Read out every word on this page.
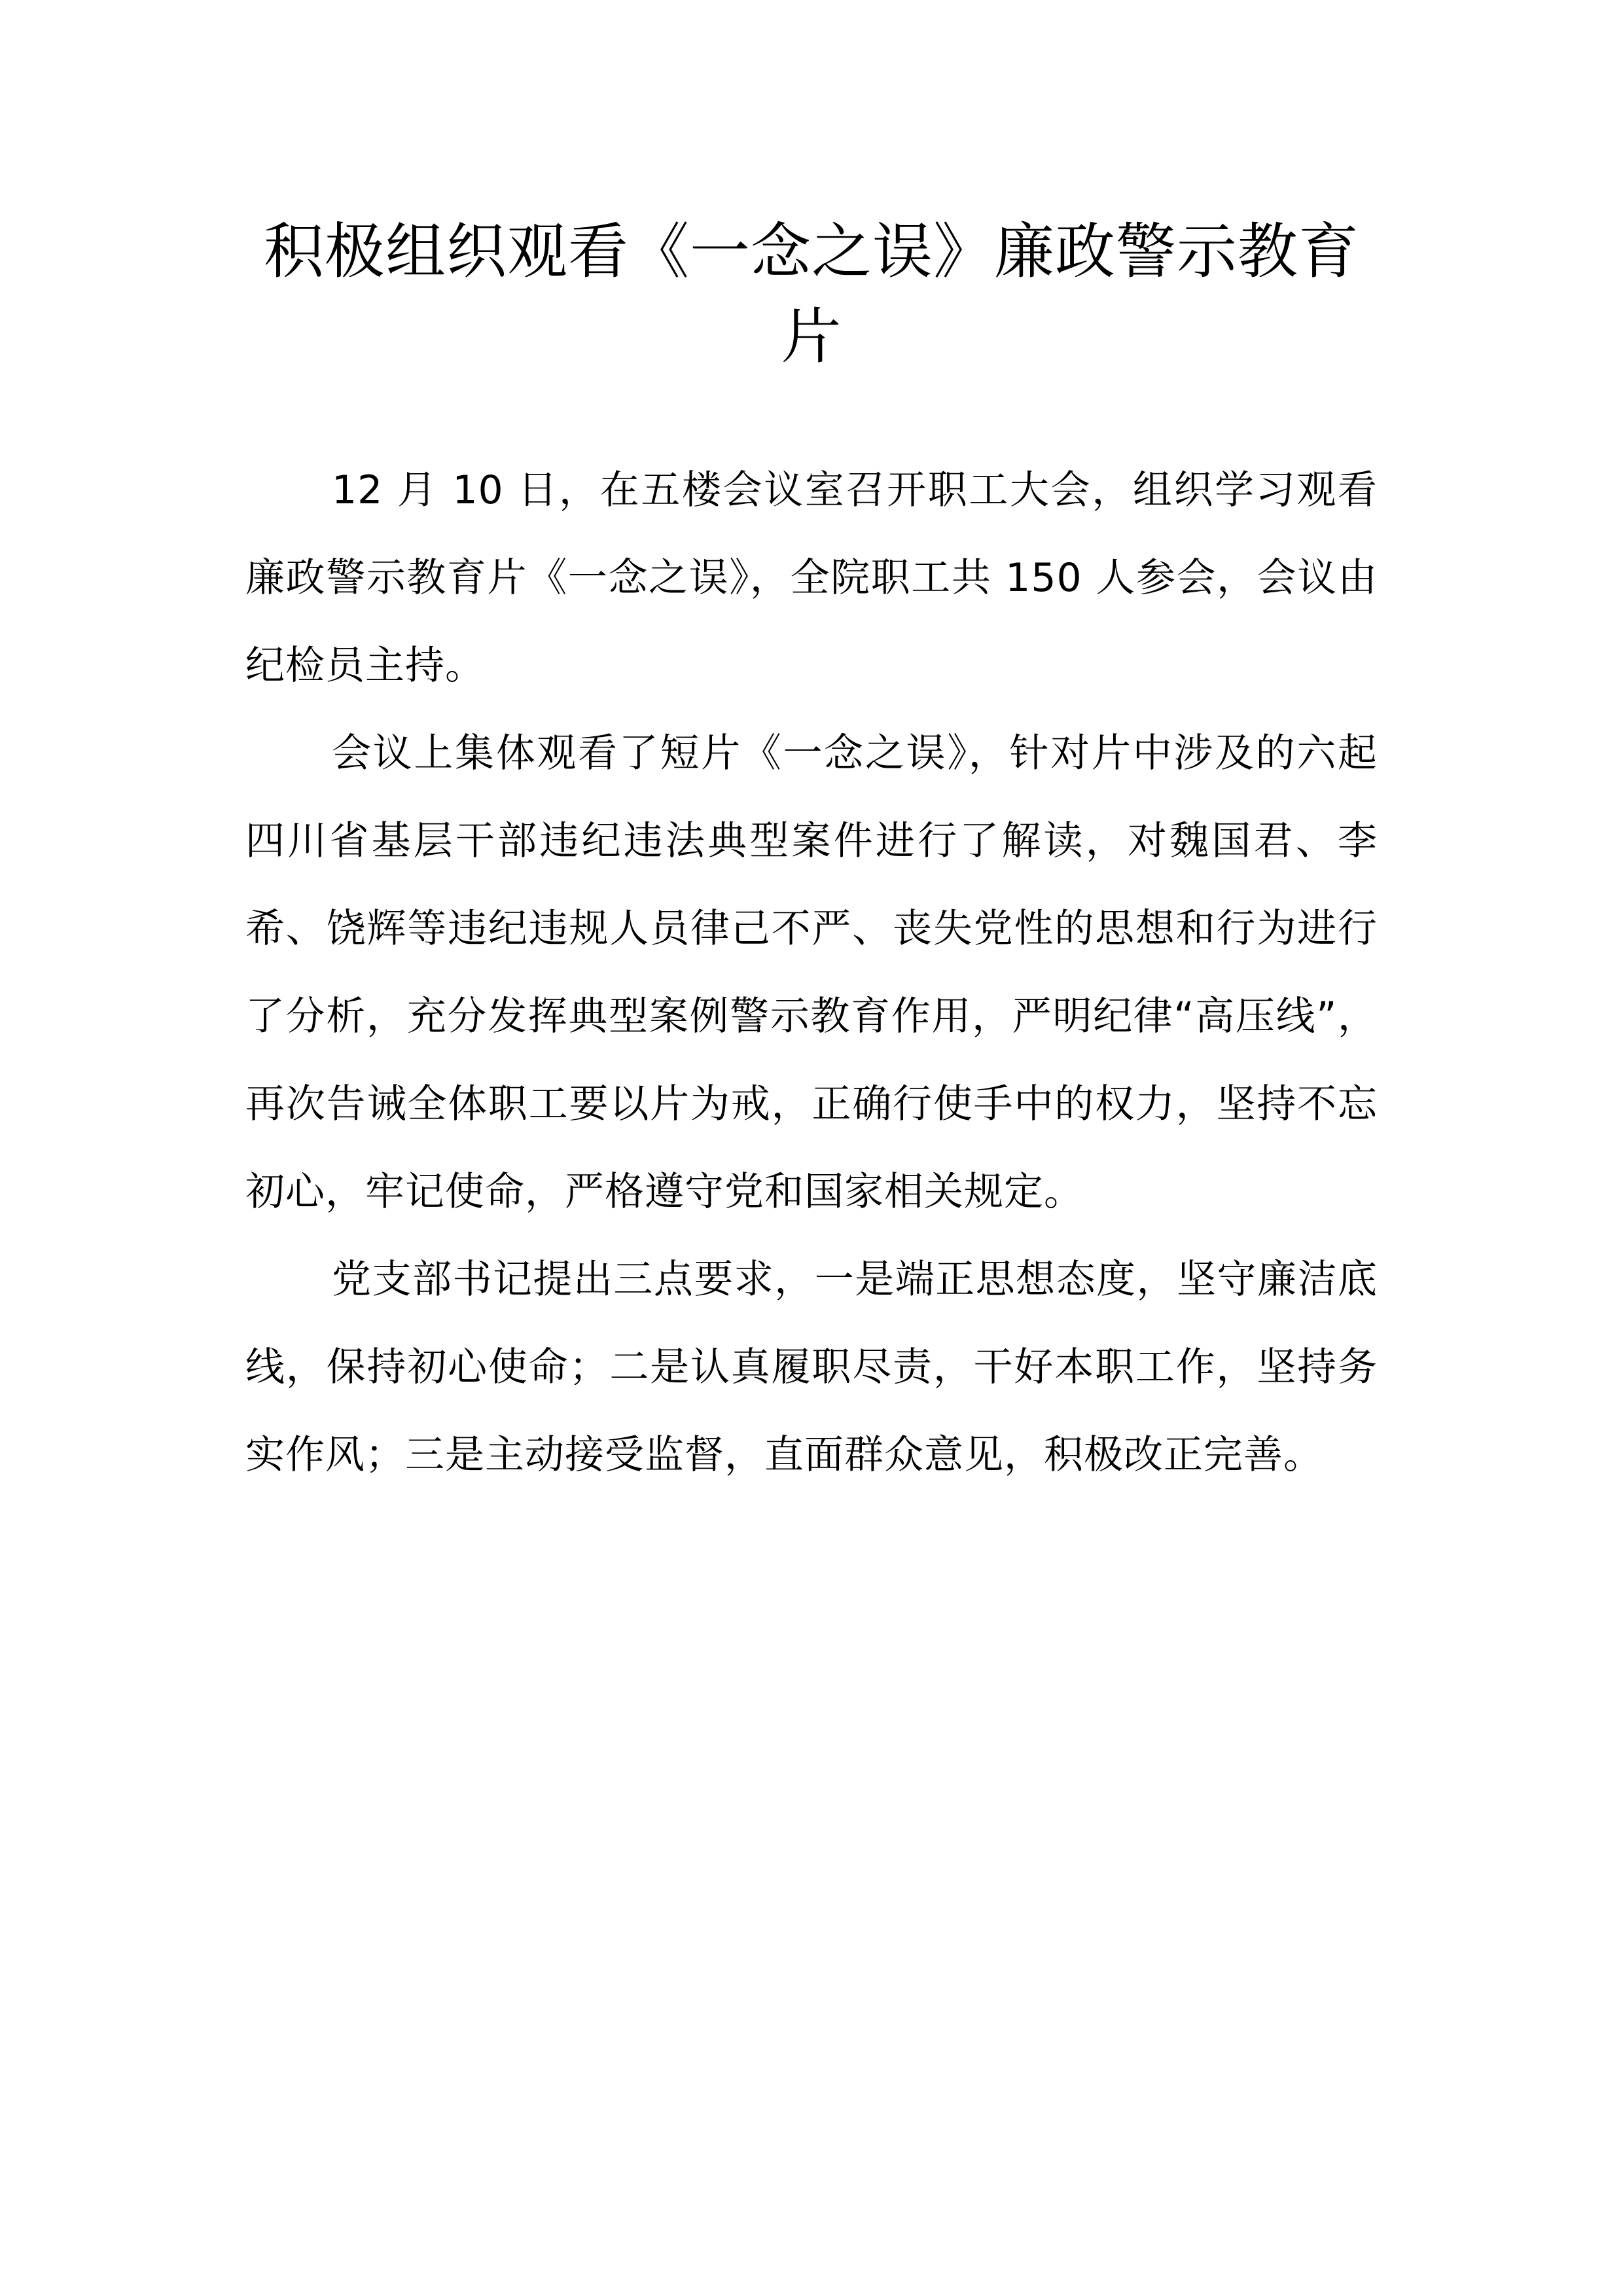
积极组织观看《一念之误》廉政警示教育片

12 月 10 日，在五楼会议室召开职工大会，组织学习观看廉政警示教育片《一念之误》，全院职工共 150 人参会，会议由纪检员主持。

会议上集体观看了短片《一念之误》，针对片中涉及的六起四川省基层干部违纪违法典型案件进行了解读，对魏国君、李希、饶辉等违纪违规人员律己不严、丧失党性的思想和行为进行了分析，充分发挥典型案例警示教育作用，严明纪律“高压线”，再次告诫全体职工要以片为戒，正确行使手中的权力，坚持不忘初心，牢记使命，严格遵守党和国家相关规定。

党支部书记提出三点要求，一是端正思想态度，坚守廉洁底线，保持初心使命；二是认真履职尽责，干好本职工作，坚持务实作风；三是主动接受监督，直面群众意见，积极改正完善。
